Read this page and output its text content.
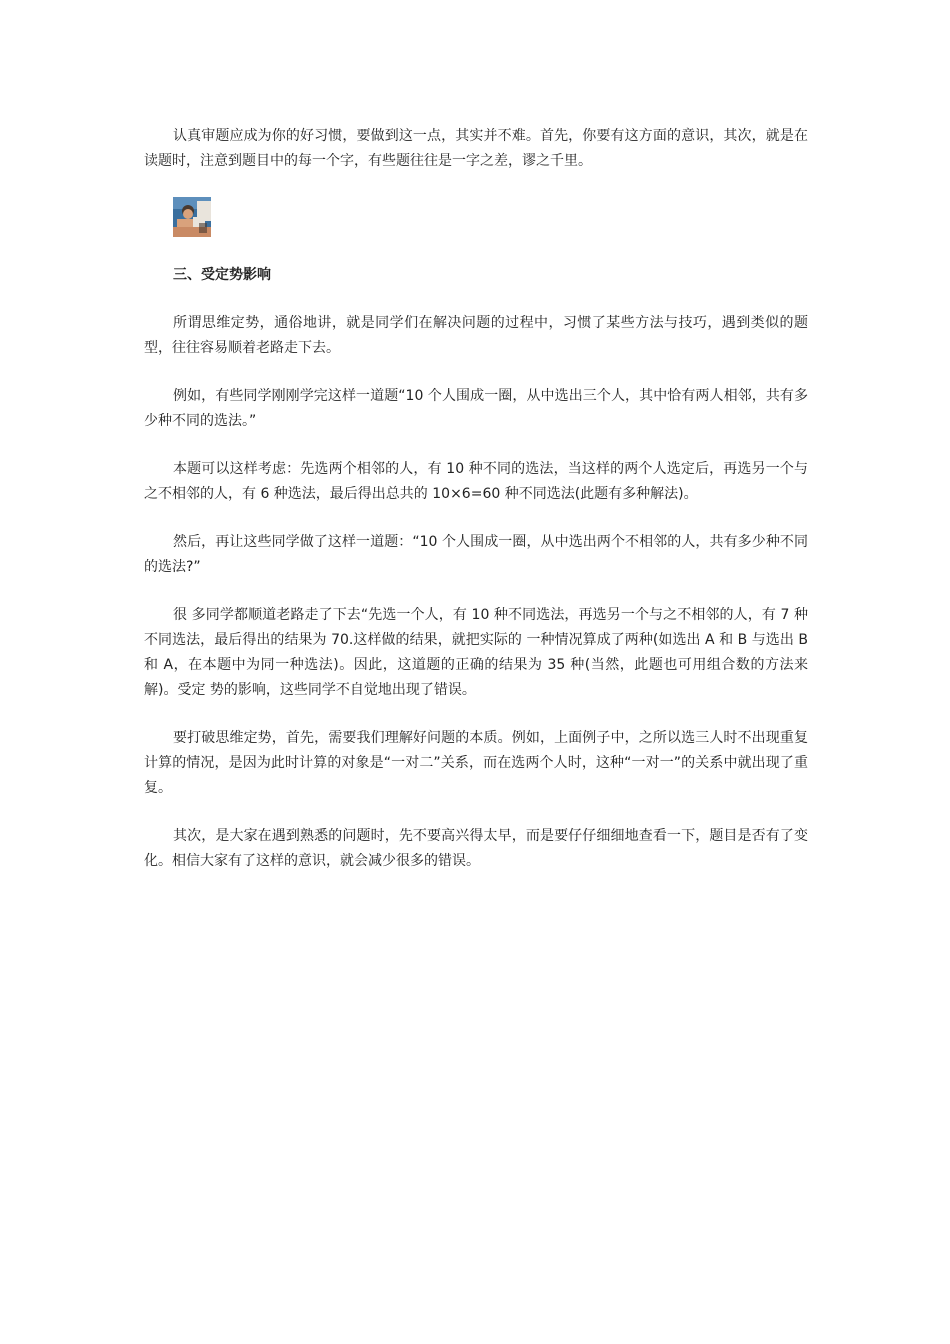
认真审题应成为你的好习惯，要做到这一点，其实并不难。首先，你要有这方面的意识，其次，就是在读题时，注意到题目中的每一个字，有些题往往是一字之差，谬之千里。

三、受定势影响

所谓思维定势，通俗地讲，就是同学们在解决问题的过程中，习惯了某些方法与技巧，遇到类似的题型，往往容易顺着老路走下去。

例如，有些同学刚刚学完这样一道题“10 个人围成一圈，从中选出三个人，其中恰有两人相邻，共有多少种不同的选法。”

本题可以这样考虑：先选两个相邻的人，有 10 种不同的选法，当这样的两个人选定后，再选另一个与之不相邻的人，有 6 种选法，最后得出总共的 10×6=60 种不同选法(此题有多种解法)。

然后，再让这些同学做了这样一道题：“10 个人围成一圈，从中选出两个不相邻的人，共有多少种不同的选法?”

很 多同学都顺道老路走了下去“先选一个人，有 10 种不同选法，再选另一个与之不相邻的人，有 7 种不同选法，最后得出的结果为 70.这样做的结果，就把实际的 一种情况算成了两种(如选出 A 和 B 与选出 B 和 A，在本题中为同一种选法)。因此，这道题的正确的结果为 35 种(当然，此题也可用组合数的方法来解)。受定 势的影响，这些同学不自觉地出现了错误。

要打破思维定势，首先，需要我们理解好问题的本质。例如，上面例子中，之所以选三人时不出现重复计算的情况，是因为此时计算的对象是“一对二”关系，而在选两个人时，这种“一对一”的关系中就出现了重复。

其次，是大家在遇到熟悉的问题时，先不要高兴得太早，而是要仔仔细细地查看一下，题目是否有了变化。相信大家有了这样的意识，就会减少很多的错误。
